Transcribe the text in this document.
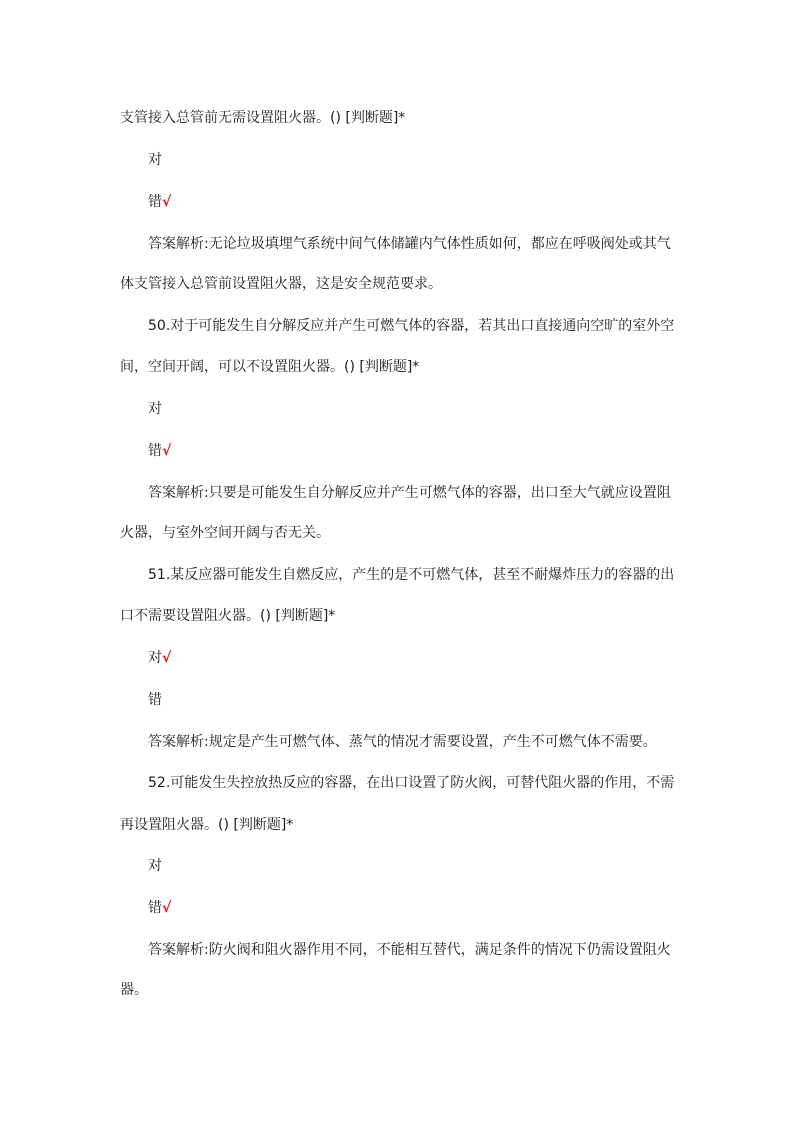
支管接入总管前无需设置阻火器。() [判断题]*
对
错√
答案解析:无论垃圾填埋气系统中间气体储罐内气体性质如何，都应在呼吸阀处或其气
体支管接入总管前设置阻火器，这是安全规范要求。
50.对于可能发生自分解反应并产生可燃气体的容器，若其出口直接通向空旷的室外空
间，空间开阔，可以不设置阻火器。() [判断题]*
对
错√
答案解析:只要是可能发生自分解反应并产生可燃气体的容器，出口至大气就应设置阻
火器，与室外空间开阔与否无关。
51.某反应器可能发生自燃反应，产生的是不可燃气体，甚至不耐爆炸压力的容器的出
口不需要设置阻火器。() [判断题]*
对√
错
答案解析:规定是产生可燃气体、蒸气的情况才需要设置，产生不可燃气体不需要。
52.可能发生失控放热反应的容器，在出口设置了防火阀，可替代阻火器的作用，不需
再设置阻火器。() [判断题]*
对
错√
答案解析:防火阀和阻火器作用不同，不能相互替代，满足条件的情况下仍需设置阻火
器。
